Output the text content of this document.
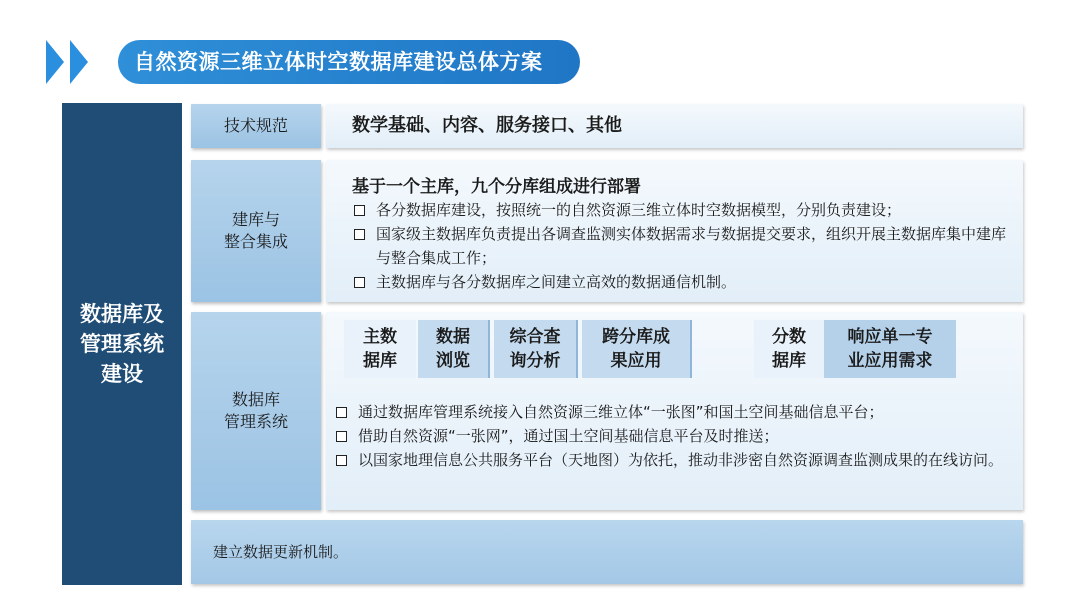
自然资源三维立体时空数据库建设总体方案
数据库及管理系统建设
技术规范	数学基础、内容、服务接口、其他
建库与
整合集成
基于一个主库，九个分库组成进行部署
各分数据库建设，按照统一的自然资源三维立体时空数据模型，分别负责建设；
国家级主数据库负责提出各调查监测实体数据需求与数据提交要求，组织开展主数据库集中建库与整合集成工作；
主数据库与各分数据库之间建立高效的数据通信机制。
数据库
管理系统
主数
据库
数据
浏览
综合查
询分析
跨分库成
果应用
分数
据库
响应单一专
业应用需求
通过数据库管理系统接入自然资源三维立体“一张图”和国土空间基础信息平台；
借助自然资源“一张网”，通过国土空间基础信息平台及时推送；
以国家地理信息公共服务平台（天地图）为依托，推动非涉密自然资源调查监测成果的在线访问。
建立数据更新机制。
